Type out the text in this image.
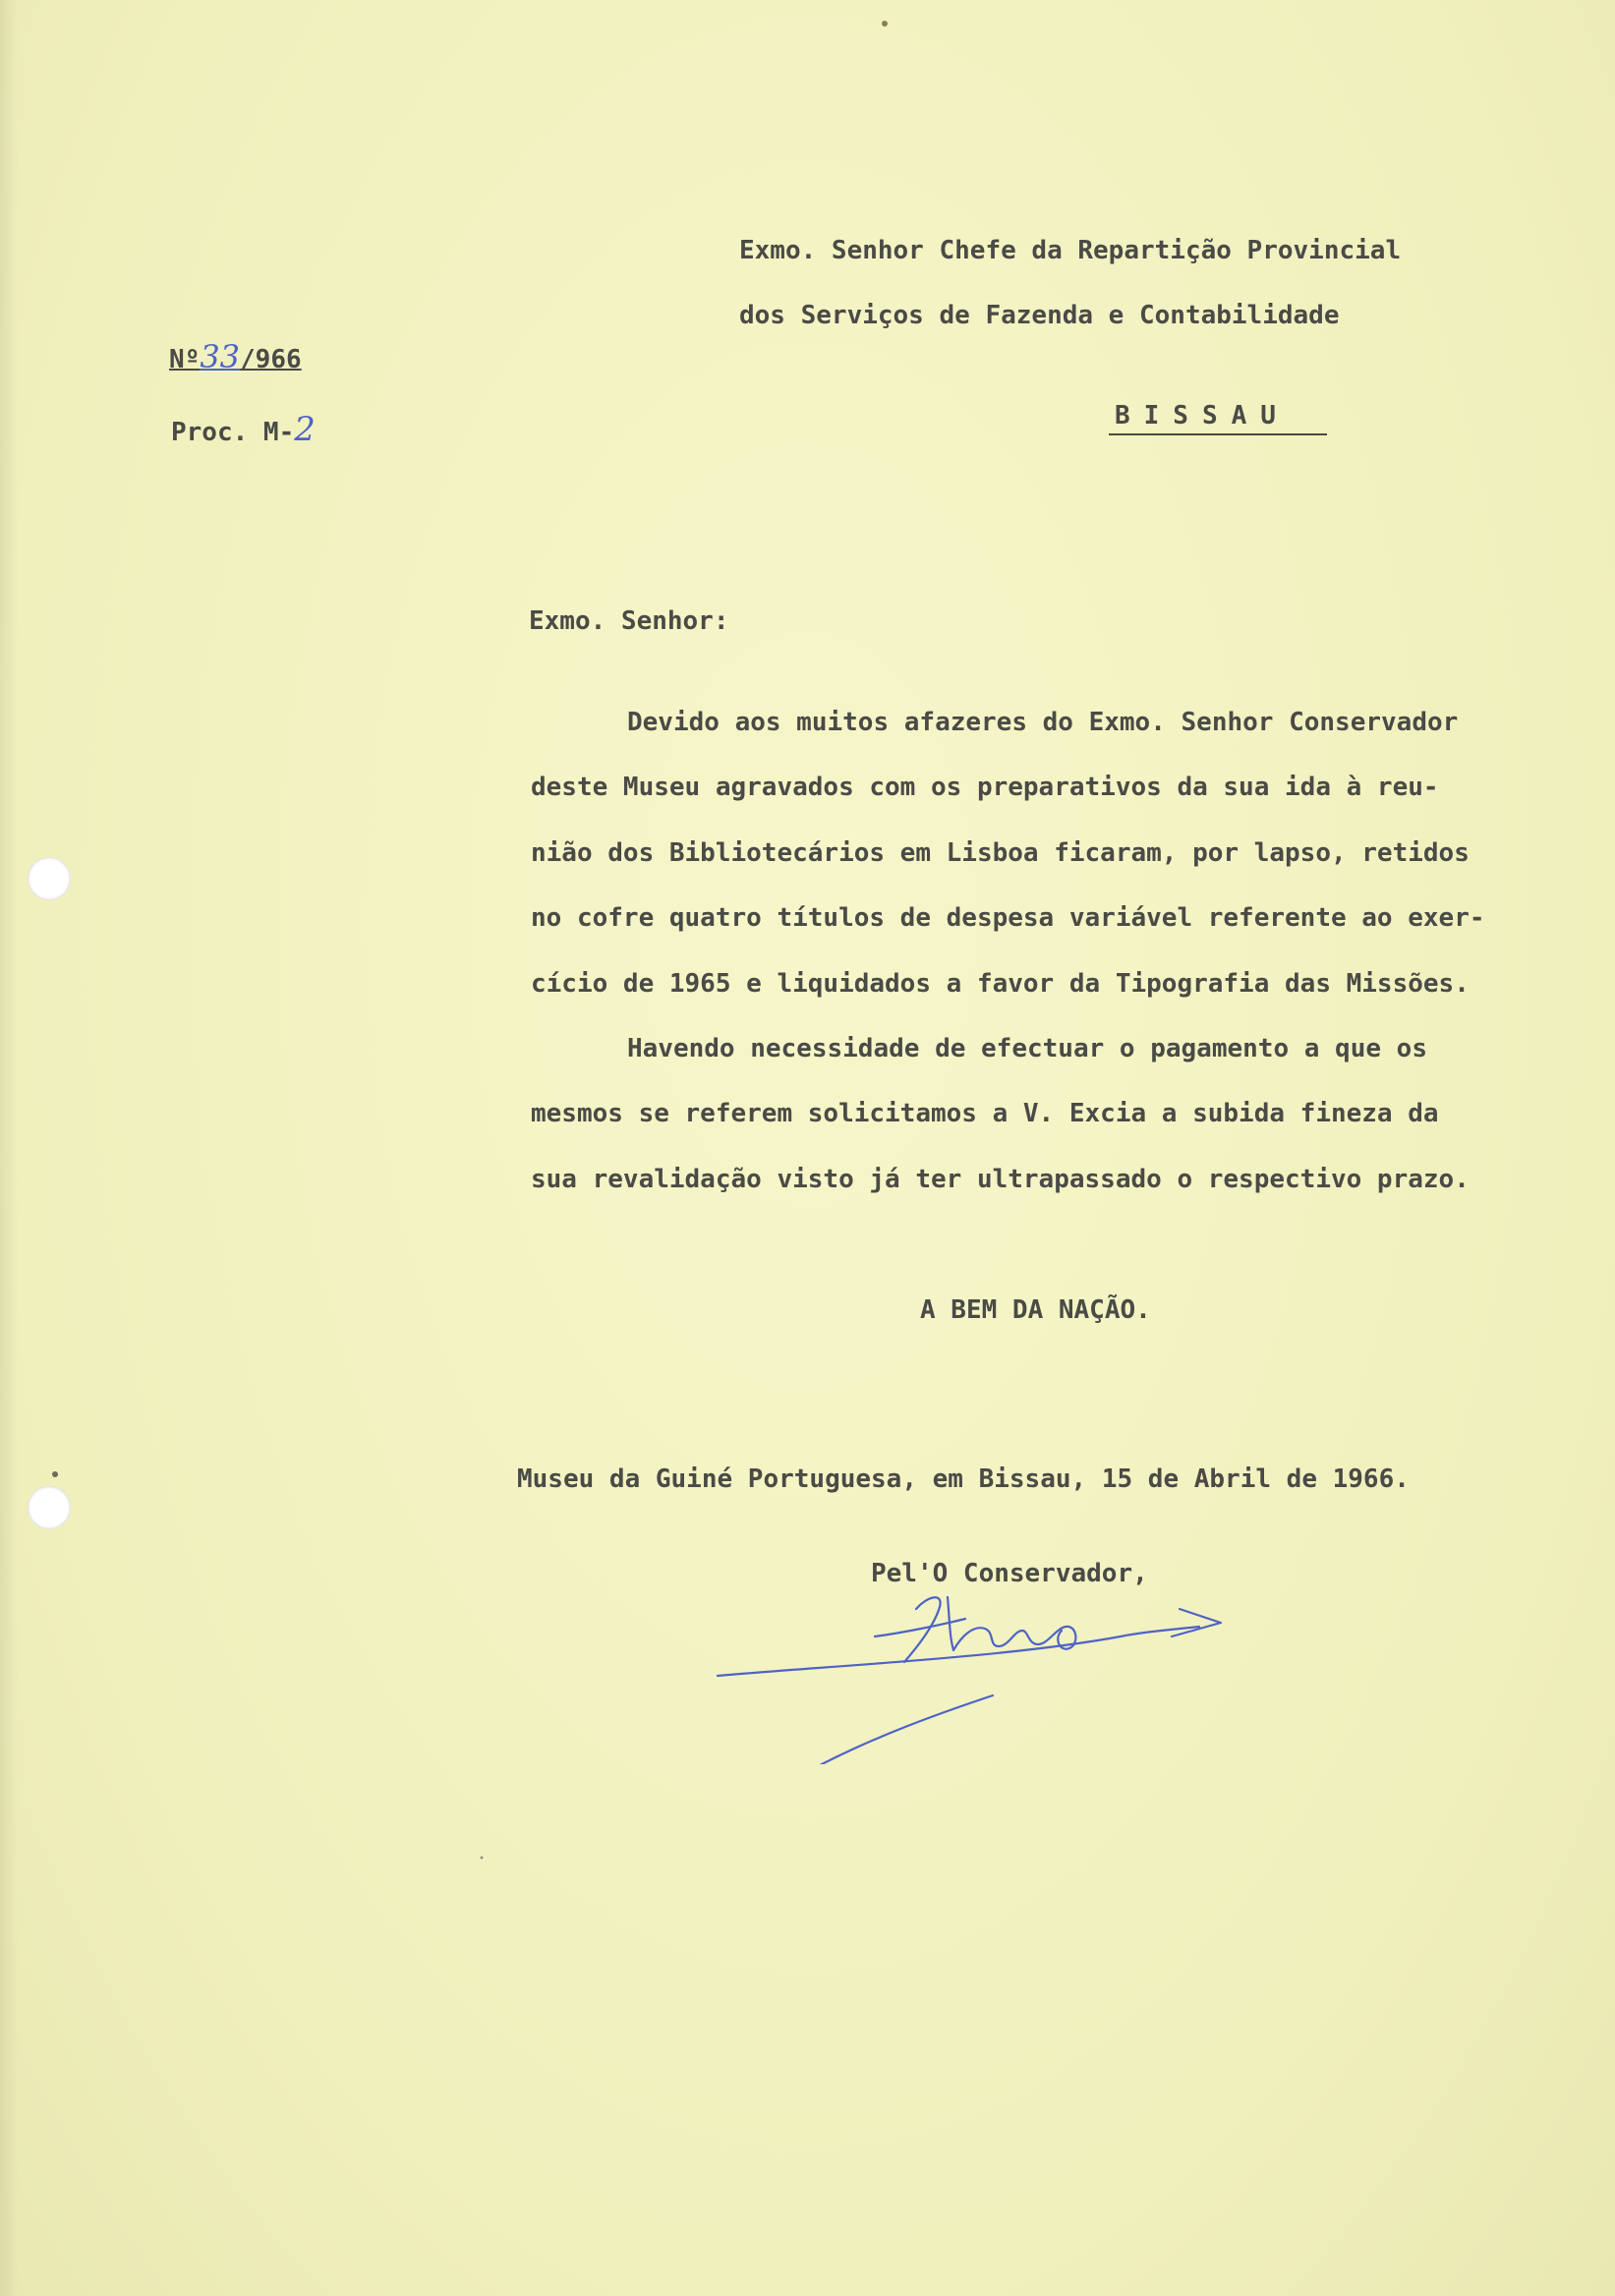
Exmo. Senhor Chefe da Repartição Provincial
dos Serviços de Fazenda e Contabilidade
Nº33/966
BISSAU
Proc. M-2
Exmo. Senhor:
Devido aos muitos afazeres do Exmo. Senhor Conservador
deste Museu agravados com os preparativos da sua ida à reu-
nião dos Bibliotecários em Lisboa ficaram, por lapso, retidos
no cofre quatro títulos de despesa variável referente ao exer-
cício de 1965 e liquidados a favor da Tipografia das Missões.
Havendo necessidade de efectuar o pagamento a que os
mesmos se referem solicitamos a V. Excia a subida fineza da
sua revalidação visto já ter ultrapassado o respectivo prazo.
A BEM DA NAÇÃO.
Museu da Guiné Portuguesa, em Bissau, 15 de Abril de 1966.
Pel'O Conservador,
